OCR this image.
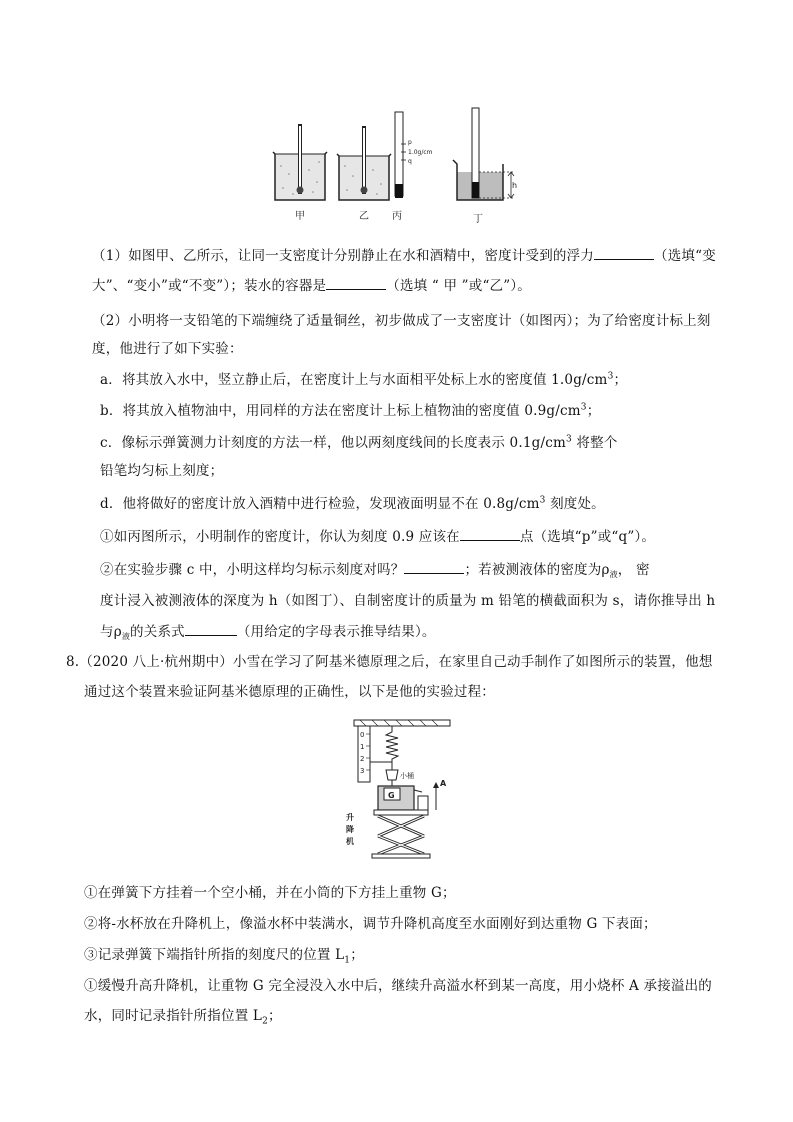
甲	乙
p
1.0g/cm
q
丙
h
丁
（1）如图甲、乙所示，让同一支密度计分别静止在水和酒精中，密度计受到的浮力	（选填“变
大”、“变小”或“不变”）；装水的容器是	（选填 “ 甲 ”或“乙”）。
（2）小明将一支铅笔的下端缠绕了适量铜丝，初步做成了一支密度计（如图丙）；为了给密度计标上刻
度，他进行了如下实验：
a．将其放入水中，竖立静止后，在密度计上与水面相平处标上水的密度值 $1.0g/cm^3$；
b．将其放入植物油中，用同样的方法在密度计上标上植物油的密度值 $0.9g/cm^3$；
c．像标示弹簧测力计刻度的方法一样，他以两刻度线间的长度表示 $0.1g/cm^3$ 将整个
铅笔均匀标上刻度；
d．他将做好的密度计放入酒精中进行检验，发现液面明显不在 $0.8g/cm^3$ 刻度处。
①如丙图所示，小明制作的密度计，你认为刻度 0.9 应该在	点（选填“p”或“q”）。
②在实验步骤 c 中，小明这样均匀标示刻度对吗？	；若被测液体的密度为$\rho_液$， 密
度计浸入被测液体的深度为 h（如图丁）、自制密度计的质量为 m 铅笔的横截面积为 s，请你推导出 h
与$\rho_液$的关系式	（用给定的字母表示推导结果）。
8.（2020 八上·杭州期中）小雪在学习了阿基米德原理之后，在家里自己动手制作了如图所示的装置，他想
通过这个装置来验证阿基米德原理的正确性，以下是他的实验过程：
0
1
2
3
小桶
G
A
升
降
机
①在弹簧下方挂着一个空小桶，并在小筒的下方挂上重物 G；
②将-水杯放在升降机上，像溢水杯中装满水，调节升降机高度至水面刚好到达重物 G 下表面；
③记录弹簧下端指针所指的刻度尺的位置 $L_1$；
①缓慢升高升降机，让重物 G 完全浸没入水中后，继续升高溢水杯到某一高度，用小烧杯 A 承接溢出的
水，同时记录指针所指位置 $L_2$；
